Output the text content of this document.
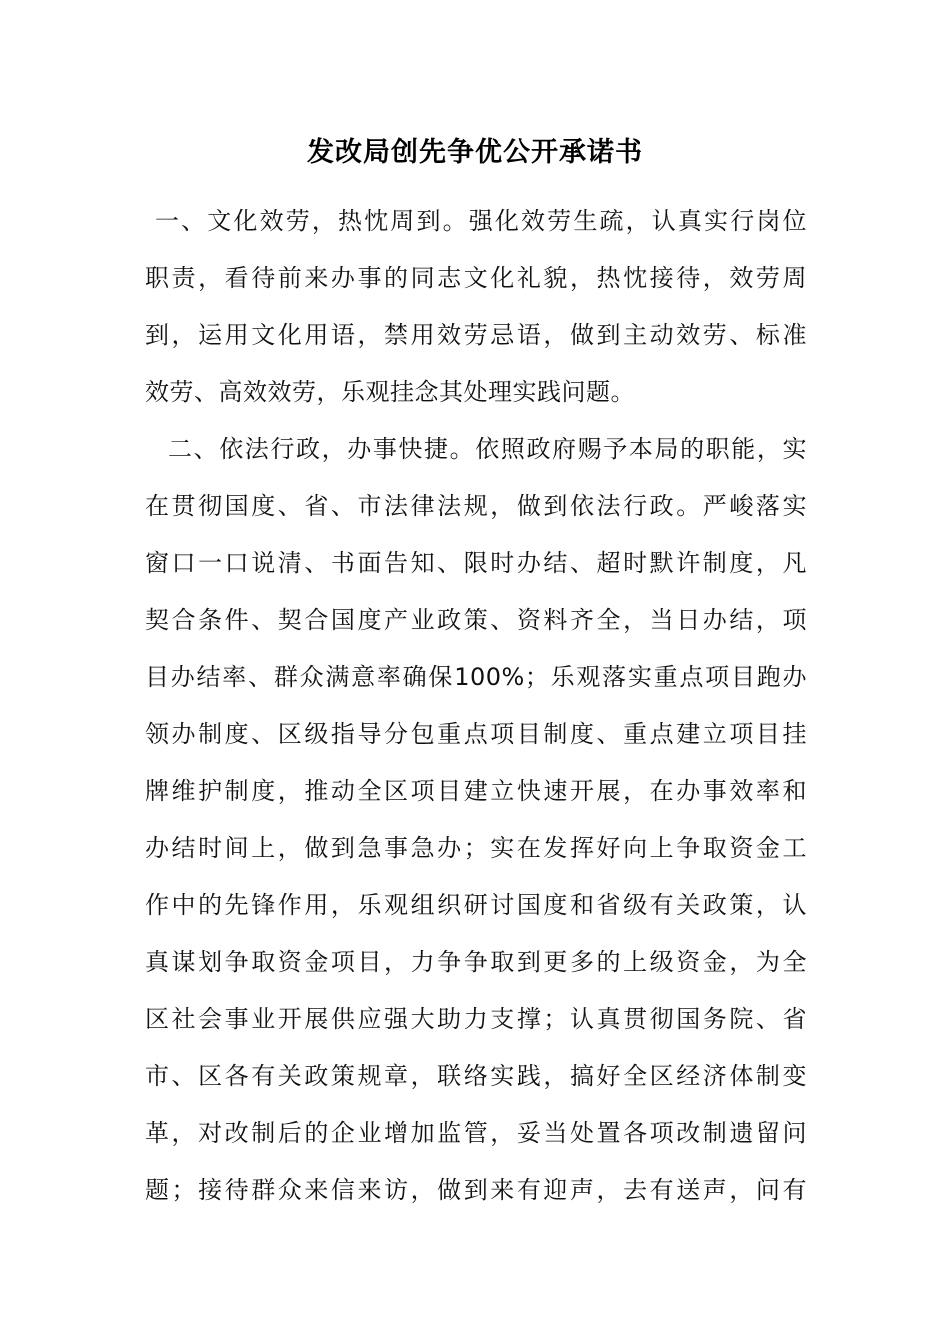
发改局创先争优公开承诺书
一、文化效劳，热忱周到。强化效劳生疏，认真实行岗位
职责，看待前来办事的同志文化礼貌，热忱接待，效劳周
到，运用文化用语，禁用效劳忌语，做到主动效劳、标准
效劳、高效效劳，乐观挂念其处理实践问题。
二、依法行政，办事快捷。依照政府赐予本局的职能，实
在贯彻国度、省、市法律法规，做到依法行政。严峻落实
窗口一口说清、书面告知、限时办结、超时默许制度，凡
契合条件、契合国度产业政策、资料齐全，当日办结，项
目办结率、群众满意率确保100%；乐观落实重点项目跑办
领办制度、区级指导分包重点项目制度、重点建立项目挂
牌维护制度，推动全区项目建立快速开展，在办事效率和
办结时间上，做到急事急办；实在发挥好向上争取资金工
作中的先锋作用，乐观组织研讨国度和省级有关政策，认
真谋划争取资金项目，力争争取到更多的上级资金，为全
区社会事业开展供应强大助力支撑；认真贯彻国务院、省
市、区各有关政策规章，联络实践，搞好全区经济体制变
革，对改制后的企业增加监管，妥当处置各项改制遗留问
题；接待群众来信来访，做到来有迎声，去有送声，问有
